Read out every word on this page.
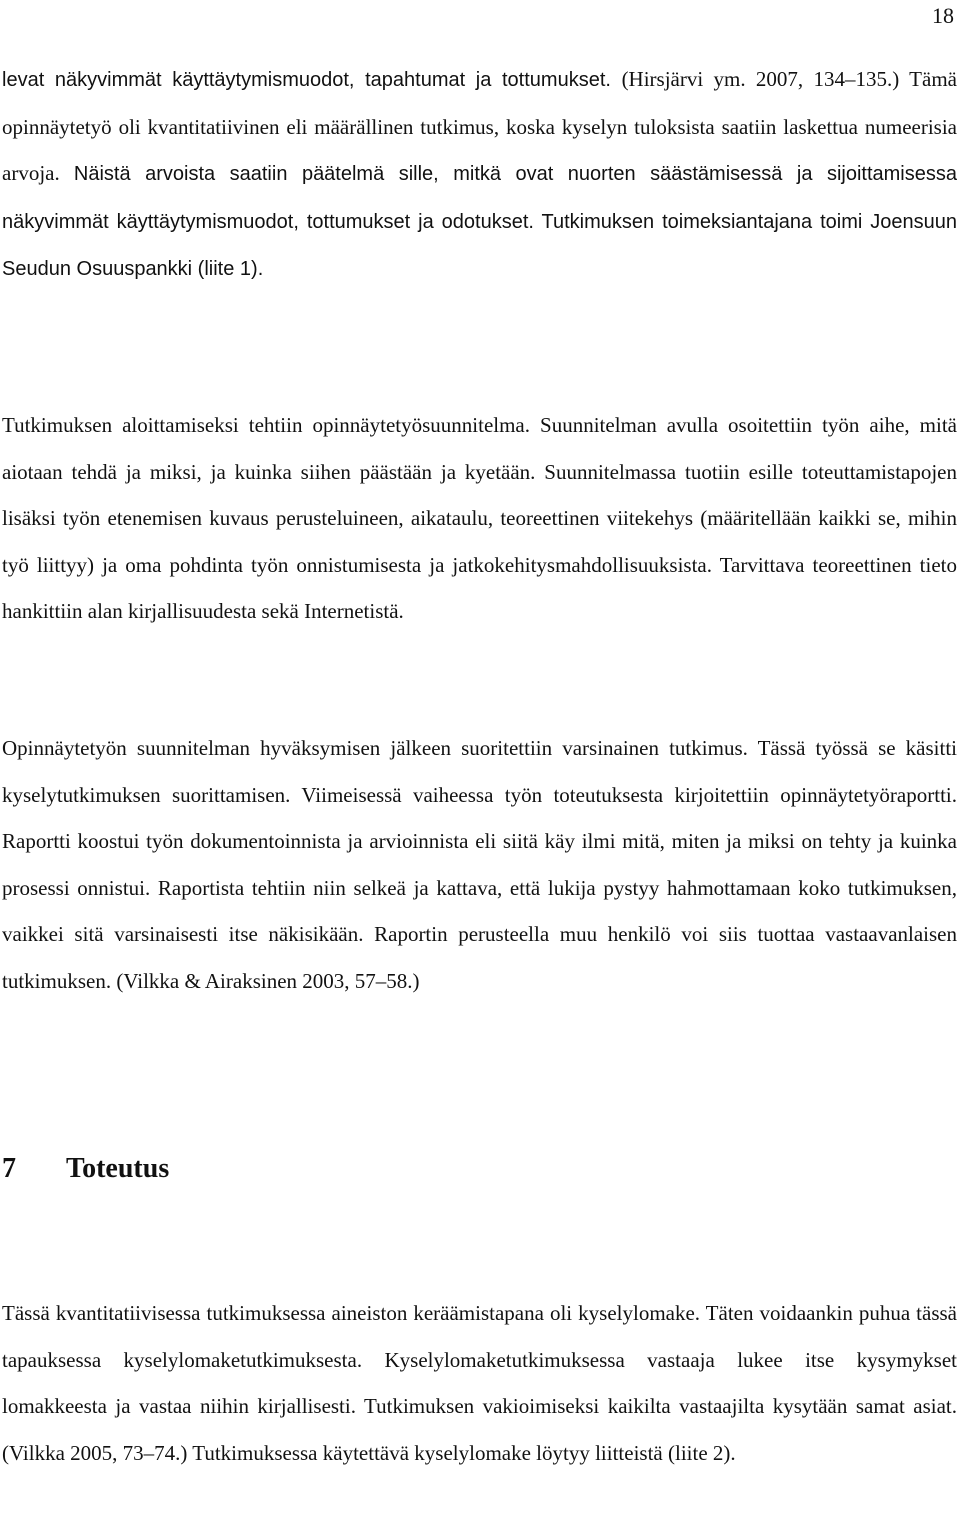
18

levat näkyvimmät käyttäytymismuodot, tapahtumat ja tottumukset. (Hirsjärvi ym. 2007, 134–135.) Tämä opinnäytetyö oli kvantitatiivinen eli määrällinen tutkimus, koska kyselyn tuloksista saatiin laskettua numeerisia arvoja. Näistä arvoista saatiin päätelmä sille, mitkä ovat nuorten säästämisessä ja sijoittamisessa näkyvimmät käyttäytymismuodot, tottumukset ja odotukset. Tutkimuksen toimeksiantajana toimi Joensuun Seudun Osuuspankki (liite 1).

Tutkimuksen aloittamiseksi tehtiin opinnäytetyösuunnitelma. Suunnitelman avulla osoitettiin työn aihe, mitä aiotaan tehdä ja miksi, ja kuinka siihen päästään ja kyetään. Suunnitelmassa tuotiin esille toteuttamistapojen lisäksi työn etenemisen kuvaus perusteluineen, aikataulu, teoreettinen viitekehys (määritellään kaikki se, mihin työ liittyy) ja oma pohdinta työn onnistumisesta ja jatkokehitysmahdollisuuksista. Tarvittava teoreettinen tieto hankittiin alan kirjallisuudesta sekä Internetistä.

Opinnäytetyön suunnitelman hyväksymisen jälkeen suoritettiin varsinainen tutkimus. Tässä työssä se käsitti kyselytutkimuksen suorittamisen. Viimeisessä vaiheessa työn toteutuksesta kirjoitettiin opinnäytetyöraportti. Raportti koostui työn dokumentoinnista ja arvioinnista eli siitä käy ilmi mitä, miten ja miksi on tehty ja kuinka prosessi onnistui. Raportista tehtiin niin selkeä ja kattava, että lukija pystyy hahmottamaan koko tutkimuksen, vaikkei sitä varsinaisesti itse näkisikään. Raportin perusteella muu henkilö voi siis tuottaa vastaavanlaisen tutkimuksen. (Vilkka & Airaksinen 2003, 57–58.)

7 Toteutus

Tässä kvantitatiivisessa tutkimuksessa aineiston keräämistapana oli kyselylomake. Täten voidaankin puhua tässä tapauksessa kyselylomaketutkimuksesta. Kyselylomaketutkimuksessa vastaaja lukee itse kysymykset lomakkeesta ja vastaa niihin kirjallisesti. Tutkimuksen vakioimiseksi kaikilta vastaajilta kysytään samat asiat. (Vilkka 2005, 73–74.) Tutkimuksessa käytettävä kyselylomake löytyy liitteistä (liite 2).
